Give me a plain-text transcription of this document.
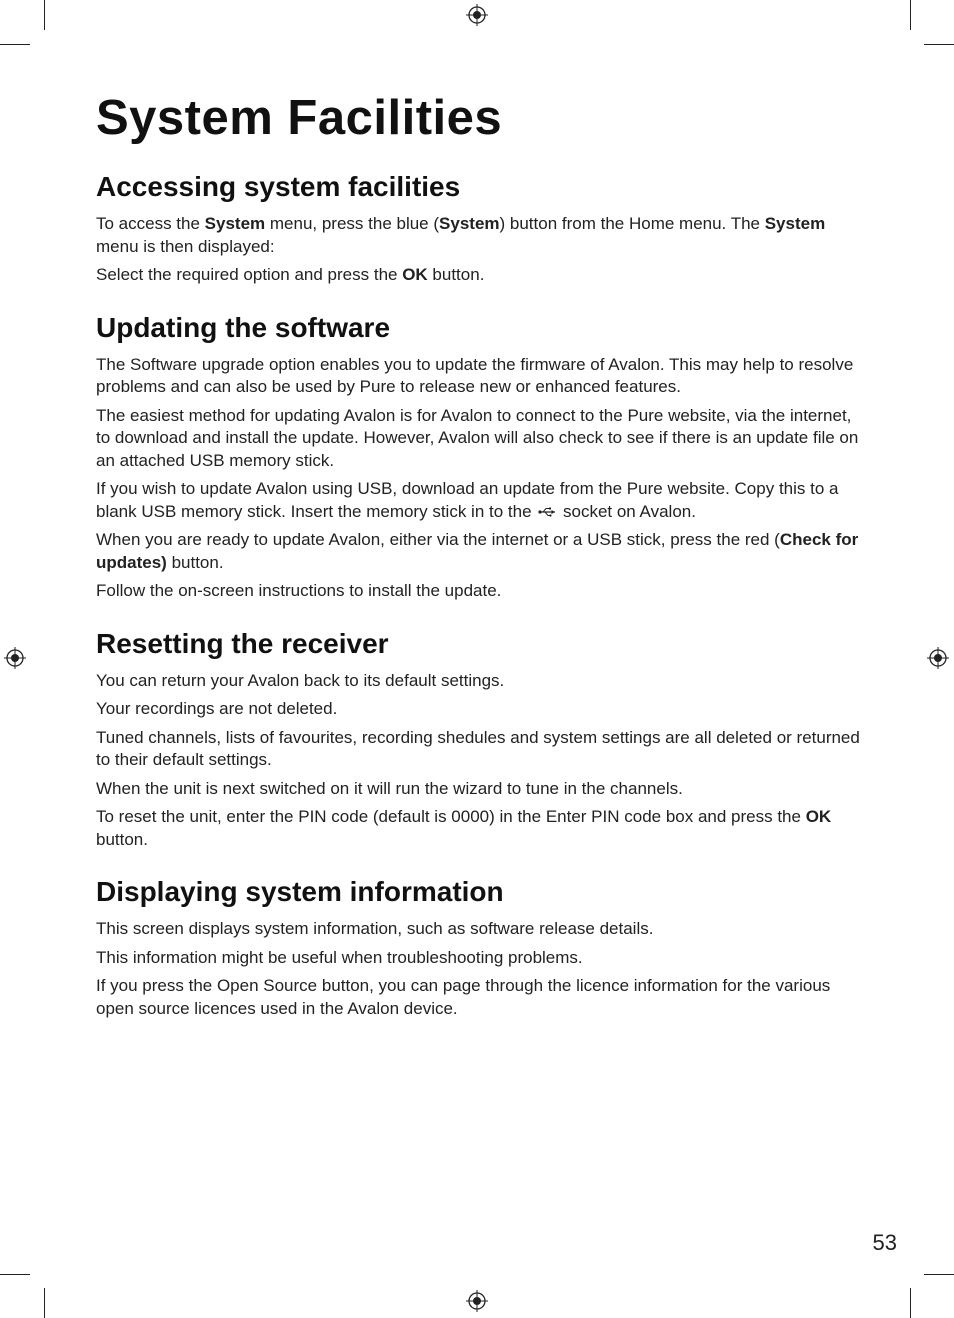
System Facilities
Accessing system facilities

To access the System menu, press the blue (System) button from the Home menu. The System menu is then displayed:

Select the required option and press the OK button.

Updating the software

The Software upgrade option enables you to update the firmware of Avalon. This may help to resolve problems and can also be used by Pure to release new or enhanced features.

The easiest method for updating Avalon is for Avalon to connect to the Pure website, via the internet, to download and install the update. However, Avalon will also check to see if there is an update file on an attached USB memory stick.

If you wish to update Avalon using USB, download an update from the Pure website. Copy this to a blank USB memory stick. Insert the memory stick in to the socket on Avalon.

When you are ready to update Avalon, either via the internet or a USB stick, press the red (Check for updates) button.

Follow the on-screen instructions to install the update.

Resetting the receiver

You can return your Avalon back to its default settings.

Your recordings are not deleted.

Tuned channels, lists of favourites, recording shedules and system settings are all deleted or returned to their default settings.

When the unit is next switched on it will run the wizard to tune in the channels.

To reset the unit, enter the PIN code (default is 0000) in the Enter PIN code box and press the OK button.

Displaying system information

This screen displays system information, such as software release details.

This information might be useful when troubleshooting problems.

If you press the Open Source button, you can page through the licence information for the various open source licences used in the Avalon device.

53
